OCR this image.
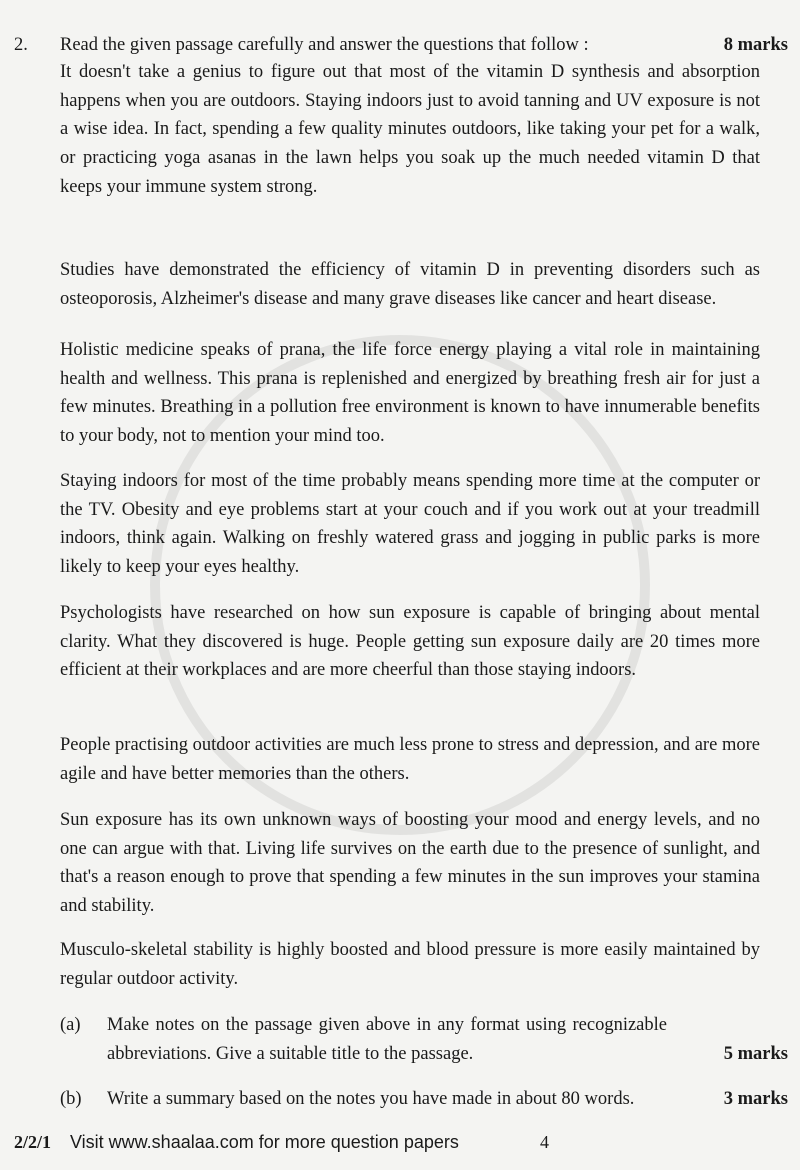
2. Read the given passage carefully and answer the questions that follow :	8 marks

It doesn't take a genius to figure out that most of the vitamin D synthesis and absorption happens when you are outdoors. Staying indoors just to avoid tanning and UV exposure is not a wise idea. In fact, spending a few quality minutes outdoors, like taking your pet for a walk, or practicing yoga asanas in the lawn helps you soak up the much needed vitamin D that keeps your immune system strong.

Studies have demonstrated the efficiency of vitamin D in preventing disorders such as osteoporosis, Alzheimer's disease and many grave diseases like cancer and heart disease.

Holistic medicine speaks of prana, the life force energy playing a vital role in maintaining health and wellness. This prana is replenished and energized by breathing fresh air for just a few minutes. Breathing in a pollution free environment is known to have innumerable benefits to your body, not to mention your mind too.

Staying indoors for most of the time probably means spending more time at the computer or the TV. Obesity and eye problems start at your couch and if you work out at your treadmill indoors, think again. Walking on freshly watered grass and jogging in public parks is more likely to keep your eyes healthy.

Psychologists have researched on how sun exposure is capable of bringing about mental clarity. What they discovered is huge. People getting sun exposure daily are 20 times more efficient at their workplaces and are more cheerful than those staying indoors.

People practising outdoor activities are much less prone to stress and depression, and are more agile and have better memories than the others.

Sun exposure has its own unknown ways of boosting your mood and energy levels, and no one can argue with that. Living life survives on the earth due to the presence of sunlight, and that's a reason enough to prove that spending a few minutes in the sun improves your stamina and stability.

Musculo-skeletal stability is highly boosted and blood pressure is more easily maintained by regular outdoor activity.

(a) Make notes on the passage given above in any format using recognizable abbreviations. Give a suitable title to the passage.	5 marks
(b) Write a summary based on the notes you have made in about 80 words.	3 marks
2/2/1 Visit www.shaalaa.com for more question papers	4
